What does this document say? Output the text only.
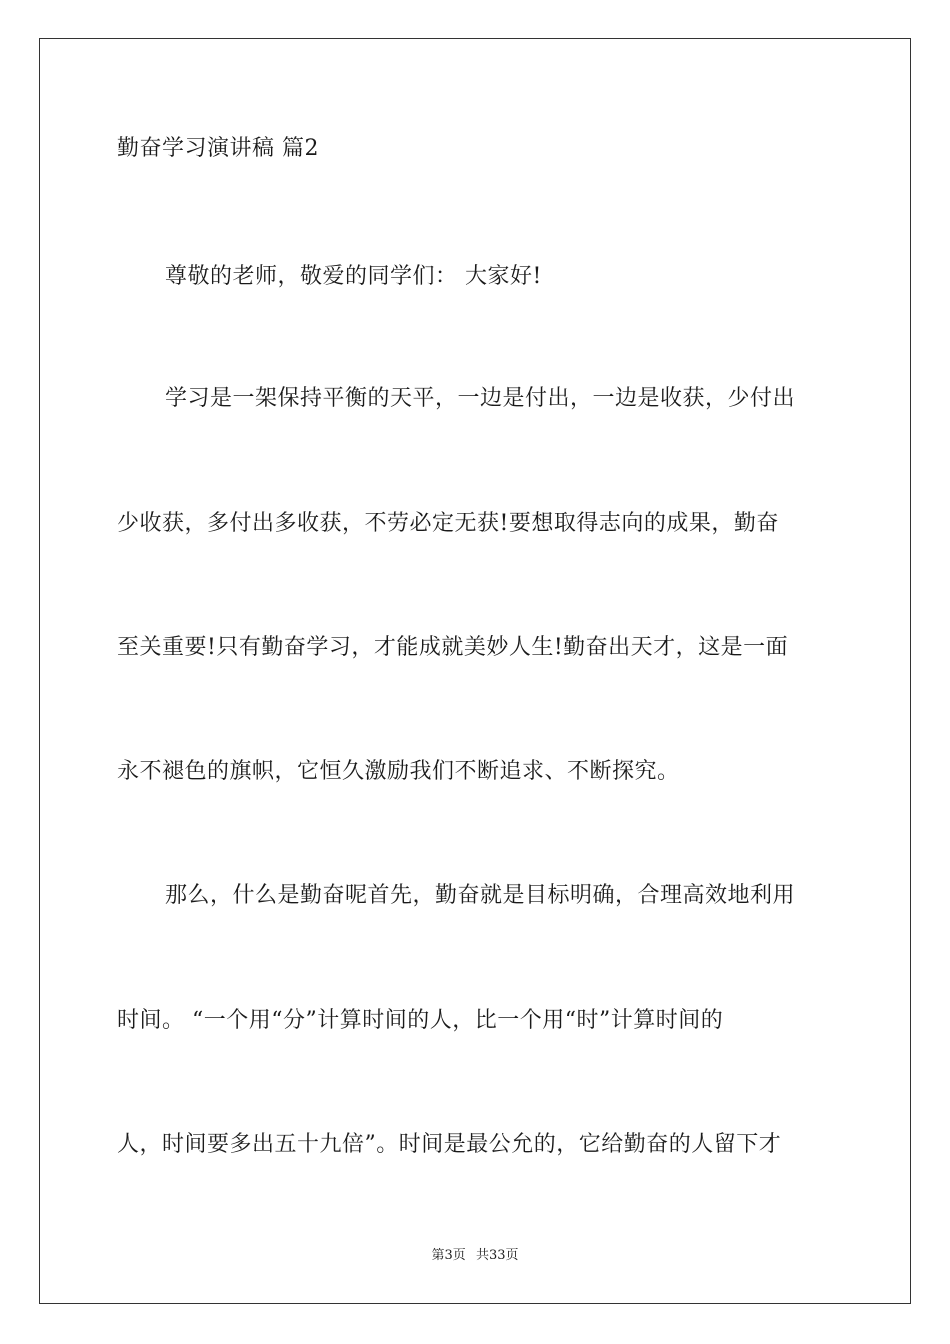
勤奋学习演讲稿 篇2
尊敬的老师，敬爱的同学们： 大家好!
学习是一架保持平衡的天平，一边是付出，一边是收获，少付出
少收获，多付出多收获，不劳必定无获!要想取得志向的成果，勤奋
至关重要!只有勤奋学习，才能成就美妙人生!勤奋出天才，这是一面
永不褪色的旗帜，它恒久激励我们不断追求、不断探究。
那么，什么是勤奋呢首先，勤奋就是目标明确，合理高效地利用
时间。 “一个用“分”计算时间的人，比一个用“时”计算时间的
人，时间要多出五十九倍”。时间是最公允的，它给勤奋的人留下才
第3页 共33页
